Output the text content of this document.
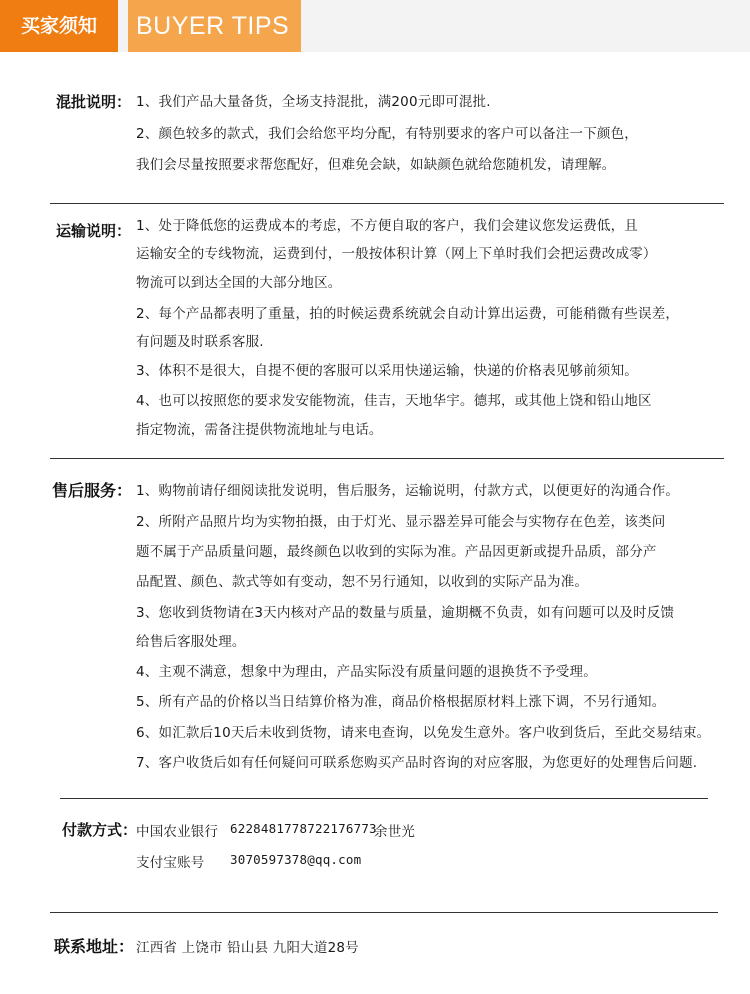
买家须知	BUYER TIPS
混批说明： 1、我们产品大量备货，全场支持混批，满200元即可混批.
2、颜色较多的款式，我们会给您平均分配，有特别要求的客户可以备注一下颜色，
我们会尽量按照要求帮您配好，但难免会缺，如缺颜色就给您随机发，请理解。
运输说明： 1、处于降低您的运费成本的考虑，不方便自取的客户，我们会建议您发运费低，且
运输安全的专线物流，运费到付，一般按体积计算（网上下单时我们会把运费改成零）
物流可以到达全国的大部分地区。
2、每个产品都表明了重量，拍的时候运费系统就会自动计算出运费，可能稍微有些误差，
有问题及时联系客服.
3、体积不是很大，自提不便的客服可以采用快递运输，快递的价格表见够前须知。
4、也可以按照您的要求发安能物流，佳吉，天地华宇。德邦，或其他上饶和铅山地区
指定物流，需备注提供物流地址与电话。
售后服务： 1、购物前请仔细阅读批发说明，售后服务，运输说明，付款方式，以便更好的沟通合作。
2、所附产品照片均为实物拍摄，由于灯光、显示器差异可能会与实物存在色差，该类问
题不属于产品质量问题，最终颜色以收到的实际为准。产品因更新或提升品质，部分产
品配置、颜色、款式等如有变动，恕不另行通知，以收到的实际产品为准。
3、您收到货物请在3天内核对产品的数量与质量，逾期概不负责，如有问题可以及时反馈
给售后客服处理。
4、主观不满意，想象中为理由，产品实际没有质量问题的退换货不予受理。
5、所有产品的价格以当日结算价格为准，商品价格根据原材料上涨下调，不另行通知。
6、如汇款后10天后未收到货物，请来电查询，以免发生意外。客户收到货后，至此交易结束。
7、客户收货后如有任何疑问可联系您购买产品时咨询的对应客服，为您更好的处理售后问题.
付款方式：
中国农业银行 6228481778722176773
余世光
支付宝账号 3070597378@qq.com
联系地址： 江西省 上饶市 铅山县 九阳大道28号
